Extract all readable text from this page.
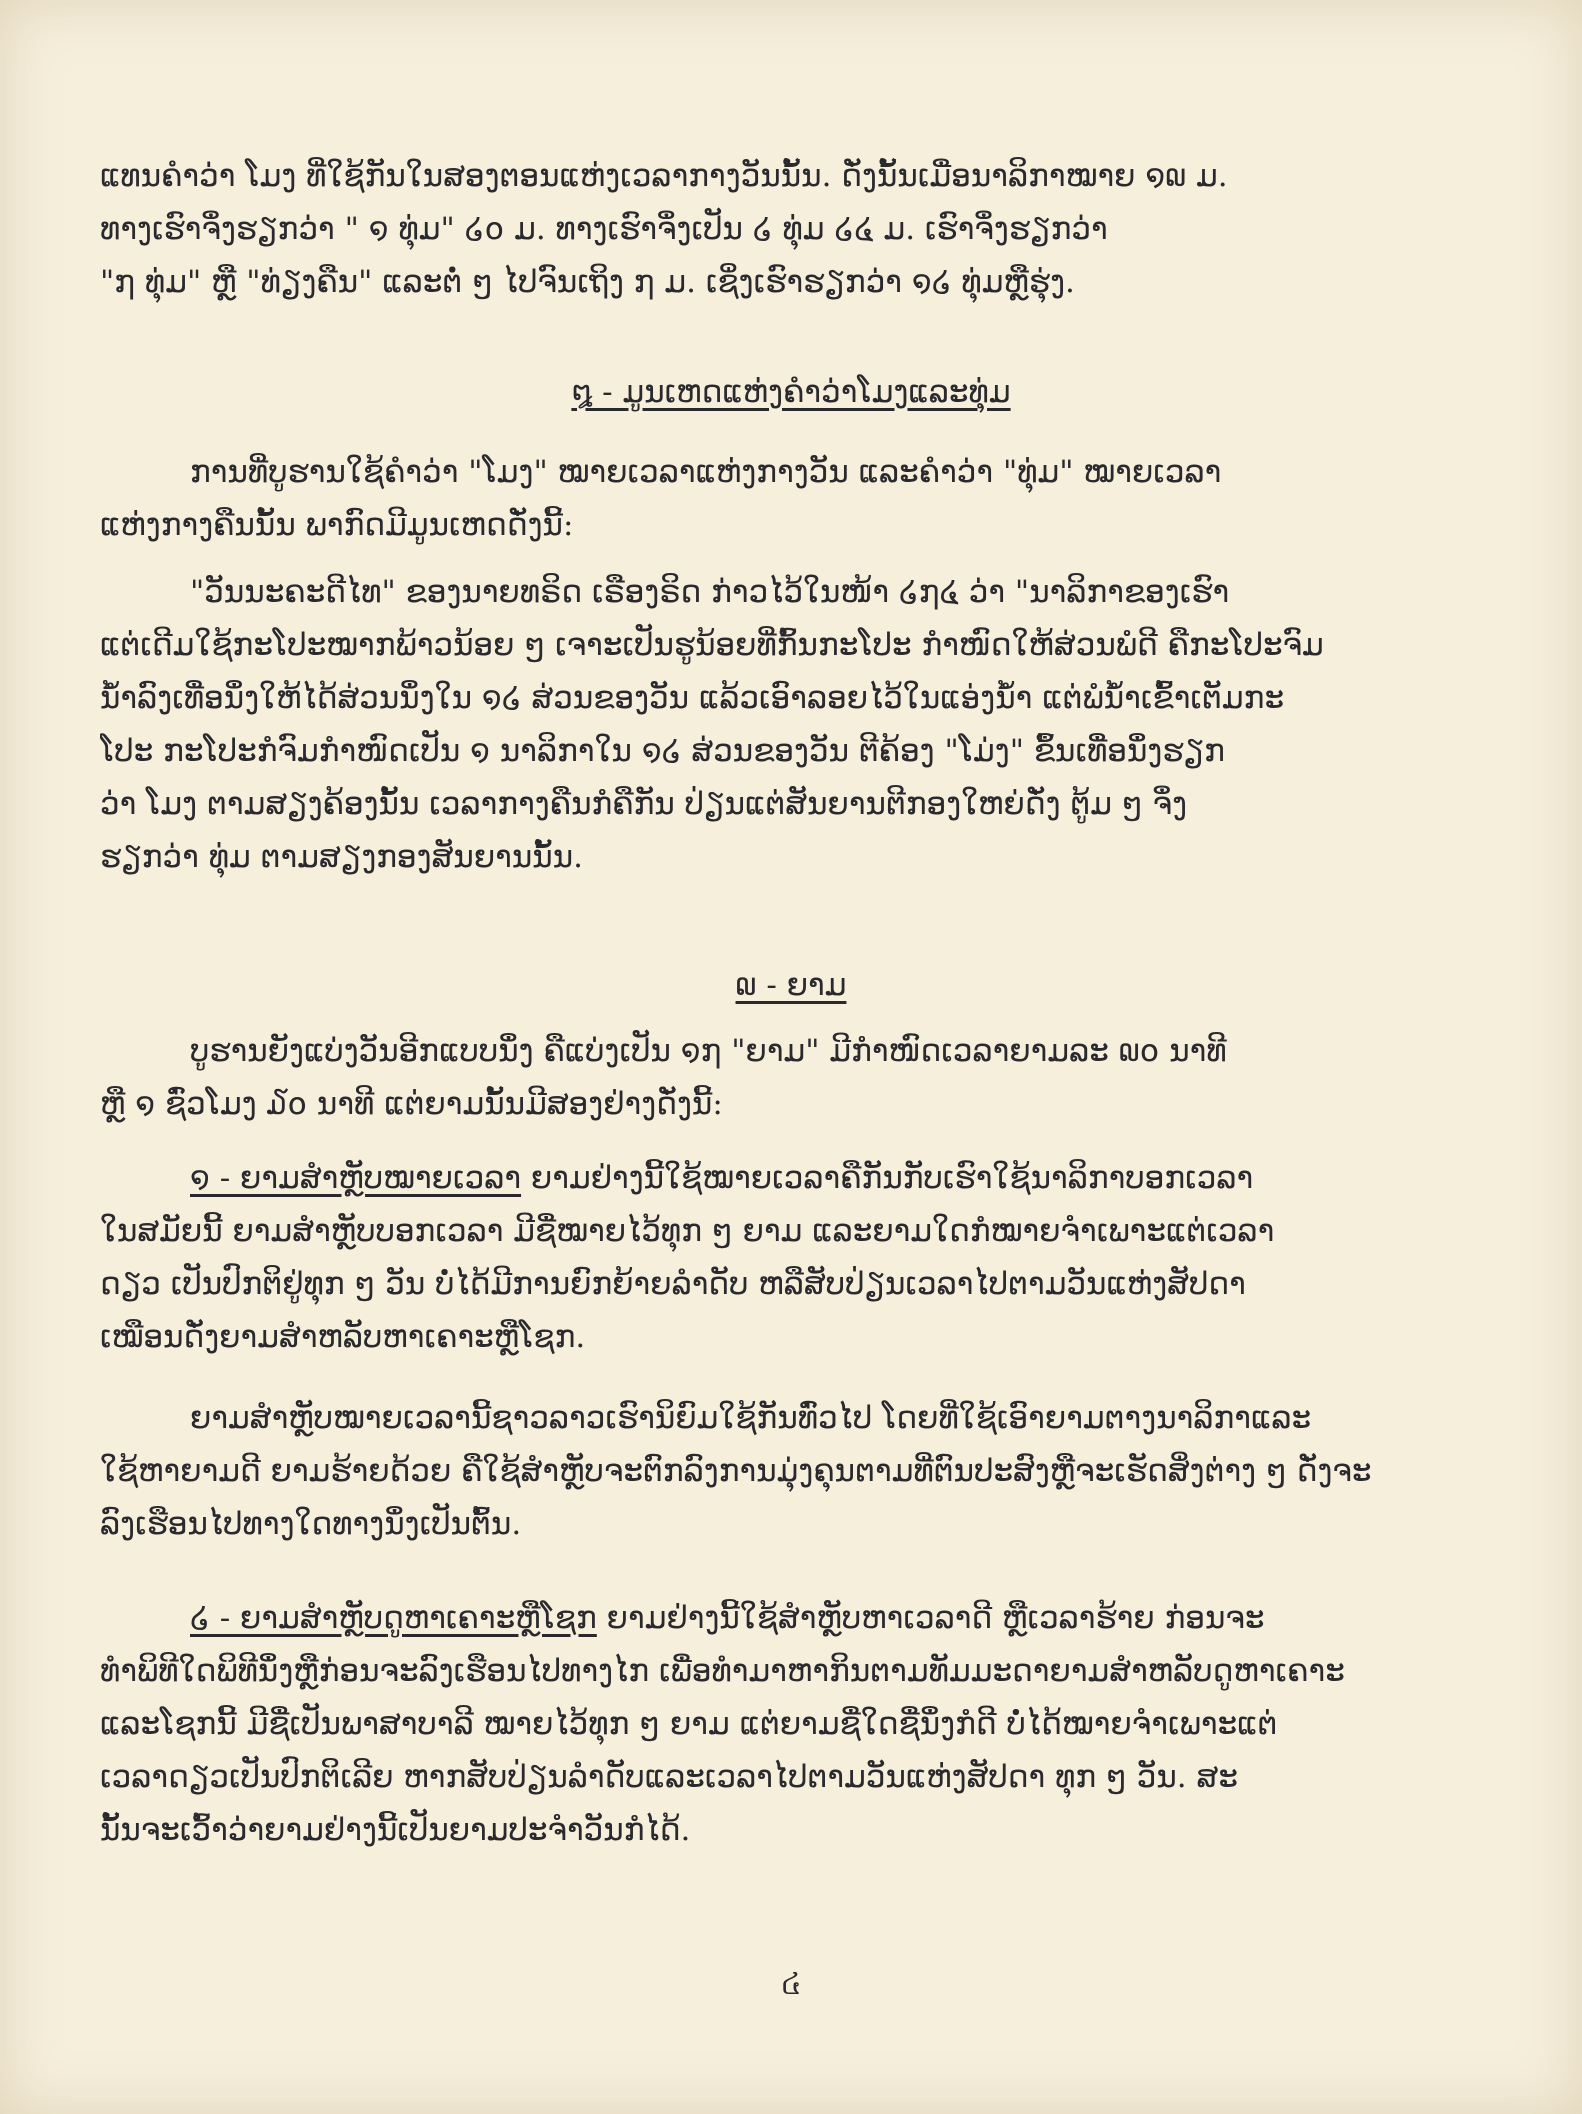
ແທນຄຳວ່າ ໂມງ ທີ່ໃຊ້ກັນໃນສອງຕອນແຫ່ງເວລາກາງວັນນັ້ນ. ດັ່ງນັ້ນເມື່ອນາລິກາໝາຍ ໑໙ ມ.
ທາງເຮົາຈຶ່ງຮຽກວ່າ " ໑ ທຸ່ມ" ໒໐ ມ. ທາງເຮົາຈຶ່ງເປັນ ໒ ທຸ່ມ ໒໔ ມ. ເຮົາຈຶ່ງຮຽກວ່າ
"໗ ທຸ່ມ" ຫຼື "ທ່ຽງຄືນ" ແລະຕໍ່ ໆ ໄປຈົນເຖິງ ໗ ມ. ເຊິ່ງເຮົາຮຽກວ່າ ໑໒ ທຸ່ມຫຼືຮຸ່ງ.
໘ - ມູນເຫດແຫ່ງຄຳວ່າໂມງແລະທຸ່ມ
ການທີ່ບູຮານໃຊ້ຄຳວ່າ "ໂມງ" ໝາຍເວລາແຫ່ງກາງວັນ ແລະຄຳວ່າ "ທຸ່ມ" ໝາຍເວລາ
ແຫ່ງກາງຄືນນັ້ນ ພາກົດມີມູນເຫດດັ່ງນີ້:
"ວັນນະຄະດີໄທ" ຂອງນາຍທຣິດ ເຣືອງຣິດ ກ່າວໄວ້ໃນໜ້າ ໒໗໔ ວ່າ "ນາລິກາຂອງເຮົາ
ແຕ່ເດີມໃຊ້ກະໂປະໝາກພ້າວນ້ອຍ ໆ ເຈາະເປັນຮູນ້ອຍທີ່ກົ້ນກະໂປະ ກຳໜົດໃຫ້ສ່ວນພໍດີ ຄືກະໂປະຈົມ
ນ້ຳລົງເທື່ອນຶ່ງໃຫ້ໄດ້ສ່ວນນຶ່ງໃນ ໑໒ ສ່ວນຂອງວັນ ແລ້ວເອົາລອຍໄວ້ໃນແອ່ງນ້ຳ ແຕ່ພໍນ້ຳເຂົ້າເຕັມກະ
ໂປະ ກະໂປະກໍຈົມກຳໜົດເປັນ ໑ ນາລິກາໃນ ໑໒ ສ່ວນຂອງວັນ ຕີຄ້ອງ "ໂມ່ງ" ຂຶ້ນເທື່ອນຶ່ງຮຽກ
ວ່າ ໂມງ ຕາມສຽງຄ້ອງນັ້ນ ເວລາກາງຄືນກໍຄືກັນ ປ່ຽນແຕ່ສັນຍານຕີກອງໃຫຍ່ດັ່ງ ຕູ້ມ ໆ ຈຶ່ງ
ຮຽກວ່າ ທຸ່ມ ຕາມສຽງກອງສັນຍານນັ້ນ.
໙ - ຍາມ
ບູຮານຍັງແບ່ງວັນອີກແບບນຶ່ງ ຄືແບ່ງເປັນ ໑໗ "ຍາມ" ມີກຳໜົດເວລາຍາມລະ ໙໐ ນາທີ
ຫຼື ໑ ຊົ່ວໂມງ ໓໐ ນາທີ ແຕ່ຍາມນັ້ນມີສອງຢ່າງດັ່ງນີ້:
໑ - ຍາມສຳຫຼັບໝາຍເວລາ ຍາມຢ່າງນີ້ໃຊ້ໝາຍເວລາຄືກັນກັບເຮົາໃຊ້ນາລິກາບອກເວລາ
ໃນສມັຍນີ້ ຍາມສຳຫຼັບບອກເວລາ ມີຊື່ໝາຍໄວ້ທຸກ ໆ ຍາມ ແລະຍາມໃດກໍໝາຍຈຳເພາະແຕ່ເວລາ
ດຽວ ເປັນປົກຕິຢູ່ທຸກ ໆ ວັນ ບໍ່ໄດ້ມີການຍົກຍ້າຍລຳດັບ ຫລືສັບປ່ຽນເວລາໄປຕາມວັນແຫ່ງສັປດາ
ເໝືອນດັ່ງຍາມສຳຫລັບຫາເຄາະຫຼືໂຊກ.
ຍາມສຳຫຼັບໝາຍເວລານີ້ຊາວລາວເຮົານິຍົມໃຊ້ກັນທົ່ວໄປ ໂດຍທີ່ໃຊ້ເອົາຍາມຕາງນາລິກາແລະ
ໃຊ້ຫາຍາມດີ ຍາມຮ້າຍດ້ວຍ ຄືໃຊ້ສຳຫຼັບຈະຕົກລົງການມຸ່ງຄຸນຕາມທີ່ຕົນປະສົງຫຼືຈະເຮັດສິ່ງຕ່າງ ໆ ດັ່ງຈະ
ລົງເຮືອນໄປທາງໃດທາງນຶ່ງເປັນຕົ້ນ.
໒ - ຍາມສຳຫຼັບດູຫາເຄາະຫຼືໂຊກ ຍາມຢ່າງນີ້ໃຊ້ສຳຫຼັບຫາເວລາດີ ຫຼືເວລາຮ້າຍ ກ່ອນຈະ
ທຳພິທີໃດພິທີນຶ່ງຫຼືກ່ອນຈະລົງເຮືອນໄປທາງໄກ ເພື່ອທຳມາຫາກິນຕາມທັມມະດາຍາມສຳຫລັບດູຫາເຄາະ
ແລະໂຊກນີ້ ມີຊື່ເປັນພາສາບາລີ ໝາຍໄວ້ທຸກ ໆ ຍາມ ແຕ່ຍາມຊື່ໃດຊື່ນຶ່ງກໍດີ ບໍ່ໄດ້ໝາຍຈຳເພາະແຕ່
ເວລາດຽວເປັນປົກຕິເລີຍ ຫາກສັບປ່ຽນລຳດັບແລະເວລາໄປຕາມວັນແຫ່ງສັປດາ ທຸກ ໆ ວັນ. ສະ
ນັ້ນຈະເວົ້າວ່າຍາມຢ່າງນີ້ເປັນຍາມປະຈຳວັນກໍໄດ້.
៤
